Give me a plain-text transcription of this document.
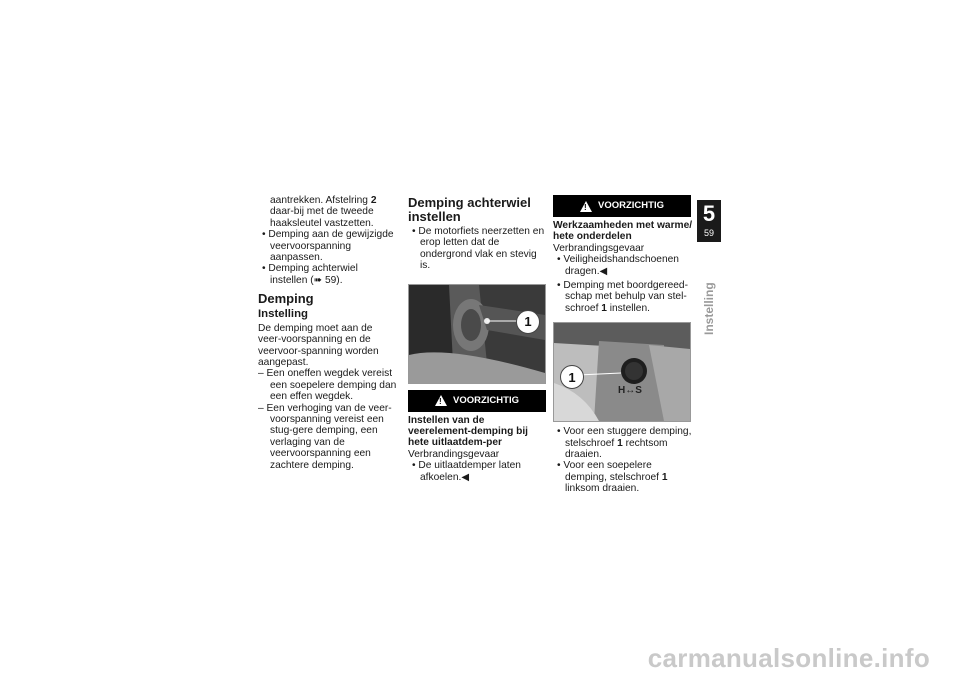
aantrekken. Afstelring 2 daar-bij met de tweede haaksleutel vastzetten.

• Demping aan de gewijzigde veervoorspanning aanpassen.

• Demping achterwiel instellen (➠ 59).

Demping
Instelling

De demping moet aan de veer-voorspanning en de veervoor-spanning worden aangepast.

– Een oneffen wegdek vereist een soepelere demping dan een effen wegdek.

– Een verhoging van de veer-voorspanning vereist een stug-gere demping, een verlaging van de veervoorspanning een zachtere demping.

Demping achterwiel instellen

• De motorfiets neerzetten en erop letten dat de ondergrond vlak en stevig is.

1
! VOORZICHTIG
Instellen van de veerelement-demping bij hete uitlaatdem-per

Verbrandingsgevaar

• De uitlaatdemper laten afkoelen.◀

! VOORZICHTIG
Werkzaamheden met warme/ hete onderdelen

Verbrandingsgevaar

• Veiligheidshandschoenen dragen.◀

• Demping met boordgereed-schap met behulp van stel-schroef 1 instellen.

1
H↔S

• Voor een stuggere demping, stelschroef 1 rechtsom draaien.

• Voor een soepelere demping, stelschroef 1 linksom draaien.

5
59
Instelling
carmanualsonline.info
